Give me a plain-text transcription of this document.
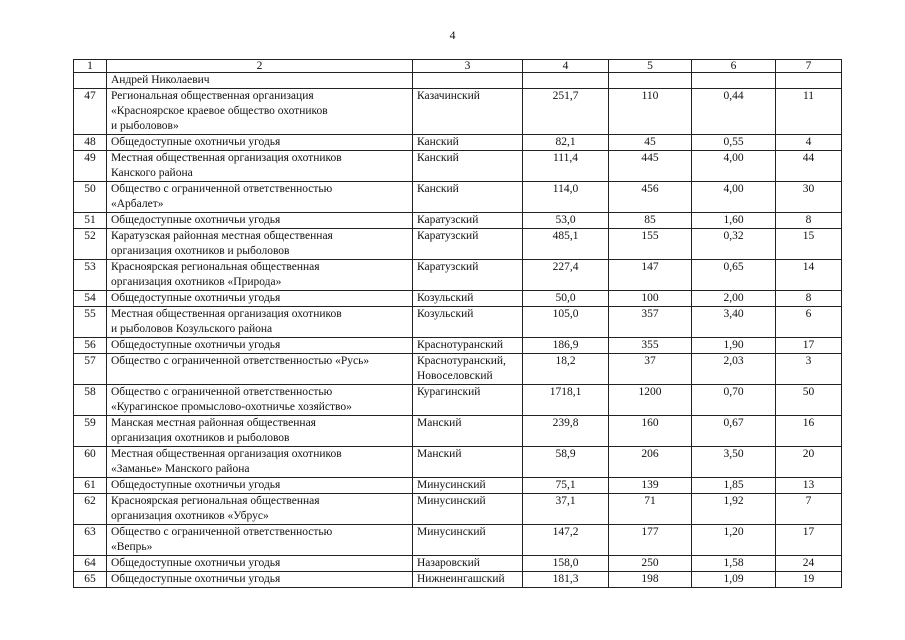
4
1	2	3	4	5	6	7
	Андрей Николаевич					
47	Региональная общественная организация
«Красноярское краевое общество охотников
и рыболовов»	Казачинский	251,7	110	0,44	11
48	Общедоступные охотничьи угодья	Канский	82,1	45	0,55	4
49	Местная общественная организация охотников
Канского района	Канский	111,4	445	4,00	44
50	Общество с ограниченной ответственностью
«Арбалет»	Канский	114,0	456	4,00	30
51	Общедоступные охотничьи угодья	Каратузский	53,0	85	1,60	8
52	Каратузская районная местная общественная
организация охотников и рыболовов	Каратузский	485,1	155	0,32	15
53	Красноярская региональная общественная
организация охотников «Природа»	Каратузский	227,4	147	0,65	14
54	Общедоступные охотничьи угодья	Козульский	50,0	100	2,00	8
55	Местная общественная организация охотников
и рыболовов Козульского района	Козульский	105,0	357	3,40	6
56	Общедоступные охотничьи угодья	Краснотуранский	186,9	355	1,90	17
57	Общество с ограниченной ответственностью «Русь»	Краснотуранский,
Новоселовский	18,2	37	2,03	3
58	Общество с ограниченной ответственностью
«Курагинское промыслово-охотничье хозяйство»	Курагинский	1718,1	1200	0,70	50
59	Манская местная районная общественная
организация охотников и рыболовов	Манский	239,8	160	0,67	16
60	Местная общественная организация охотников
«Заманье» Манского района	Манский	58,9	206	3,50	20
61	Общедоступные охотничьи угодья	Минусинский	75,1	139	1,85	13
62	Красноярская региональная общественная
организация охотников «Убрус»	Минусинский	37,1	71	1,92	7
63	Общество с ограниченной ответственностью
«Вепрь»	Минусинский	147,2	177	1,20	17
64	Общедоступные охотничьи угодья	Назаровский	158,0	250	1,58	24
65	Общедоступные охотничьи угодья	Нижнеингашский	181,3	198	1,09	19
